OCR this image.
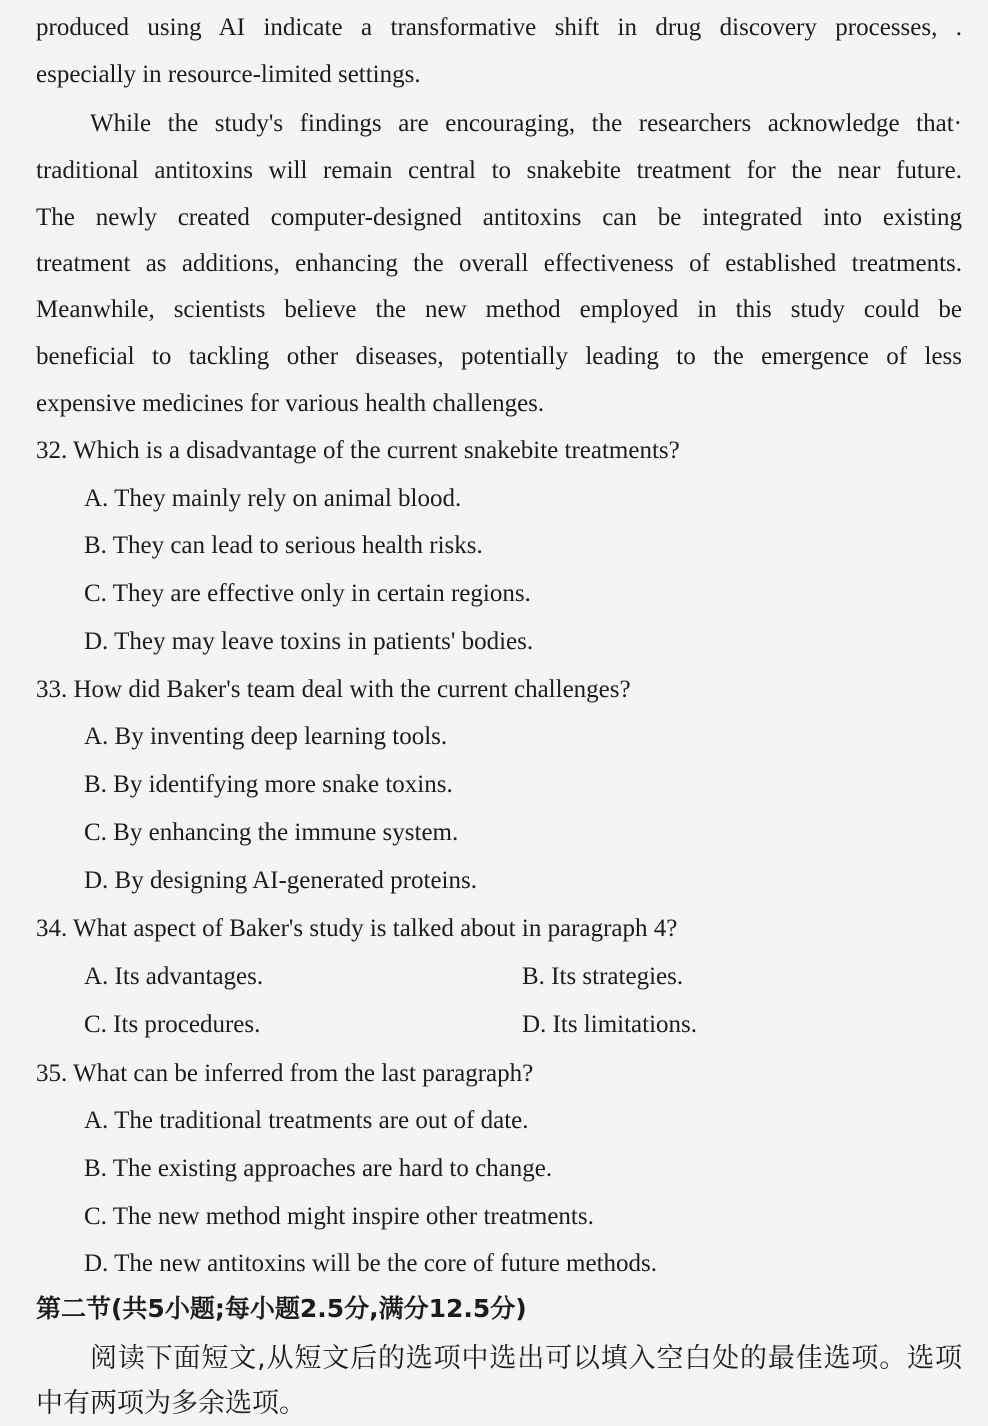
produced using AI indicate a transformative shift in drug discovery processes, .
especially in resource-limited settings.
While the study's findings are encouraging, the researchers acknowledge that·
traditional antitoxins will remain central to snakebite treatment for the near future.
The newly created computer-designed antitoxins can be integrated into existing
treatment as additions, enhancing the overall effectiveness of established treatments.
Meanwhile, scientists believe the new method employed in this study could be
beneficial to tackling other diseases, potentially leading to the emergence of less
expensive medicines for various health challenges.
32. Which is a disadvantage of the current snakebite treatments?
A. They mainly rely on animal blood.
B. They can lead to serious health risks.
C. They are effective only in certain regions.
D. They may leave toxins in patients' bodies.
33. How did Baker's team deal with the current challenges?
A. By inventing deep learning tools.
B. By identifying more snake toxins.
C. By enhancing the immune system.
D. By designing AI-generated proteins.
34. What aspect of Baker's study is talked about in paragraph 4?
A. Its advantages.	B. Its strategies.
C. Its procedures.	D. Its limitations.
35. What can be inferred from the last paragraph?
A. The traditional treatments are out of date.
B. The existing approaches are hard to change.
C. The new method might inspire other treatments.
D. The new antitoxins will be the core of future methods.
第二节(共5小题;每小题2.5分,满分12.5分)
阅读下面短文,从短文后的选项中选出可以填入空白处的最佳选项。选项
中有两项为多余选项。
